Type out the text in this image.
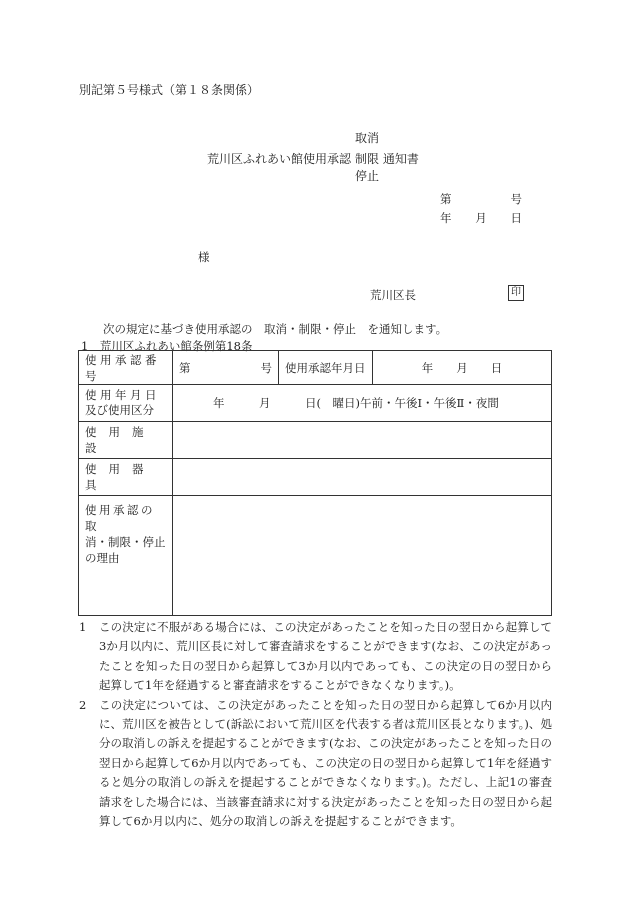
別記第５号様式（第１８条関係）
荒川区ふれあい館使用承認
取消
制限 通知書
停止
第	号
年 月 日
様
荒川区長	印
次の規定に基づき使用承認の　取消・制限・停止　を通知します。
1　荒川区ふれあい館条例第18条
使用承認番号	第 号	使用承認年月日	年　　月　　日

使用年月日
及び使用区分	年　　　月　　　日(　曜日)午前・午後Ⅰ・午後Ⅱ・夜間		
使用施設			
使用器具			

使用承認の取
消・制限・停止
の理由			

1	この決定に不服がある場合には、この決定があったことを知った日の翌日から起算して3か月以内に、荒川区長に対して審査請求をすることができます(なお、この決定があったことを知った日の翌日から起算して3か月以内であっても、この決定の日の翌日から起算して1年を経過すると審査請求をすることができなくなります。)。
2	この決定については、この決定があったことを知った日の翌日から起算して6か月以内に、荒川区を被告として(訴訟において荒川区を代表する者は荒川区長となります。)、処分の取消しの訴えを提起することができます(なお、この決定があったことを知った日の翌日から起算して6か月以内であっても、この決定の日の翌日から起算して1年を経過すると処分の取消しの訴えを提起することができなくなります。)。ただし、上記1の審査請求をした場合には、当該審査請求に対する決定があったことを知った日の翌日から起算して6か月以内に、処分の取消しの訴えを提起することができます。
